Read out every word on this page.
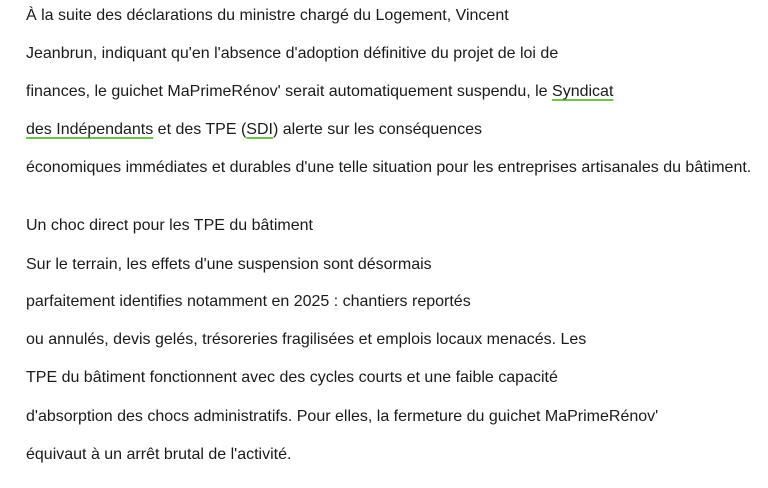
À la suite des déclarations du ministre chargé du Logement, Vincent
Jeanbrun, indiquant qu'en l'absence d'adoption définitive du projet de loi de
finances, le guichet MaPrimeRénov' serait automatiquement suspendu, le Syndicat
des Indépendants et des TPE (SDI) alerte sur les conséquences
économiques immédiates et durables d'une telle situation pour les entreprises artisanales du bâtiment.
Un choc direct pour les TPE du bâtiment
Sur le terrain, les effets d'une suspension sont désormais
parfaitement identifies notamment en 2025 : chantiers reportés
ou annulés, devis gelés, trésoreries fragilisées et emplois locaux menacés. Les
TPE du bâtiment fonctionnent avec des cycles courts et une faible capacité
d'absorption des chocs administratifs. Pour elles, la fermeture du guichet MaPrimeRénov'
équivaut à un arrêt brutal de l'activité.
